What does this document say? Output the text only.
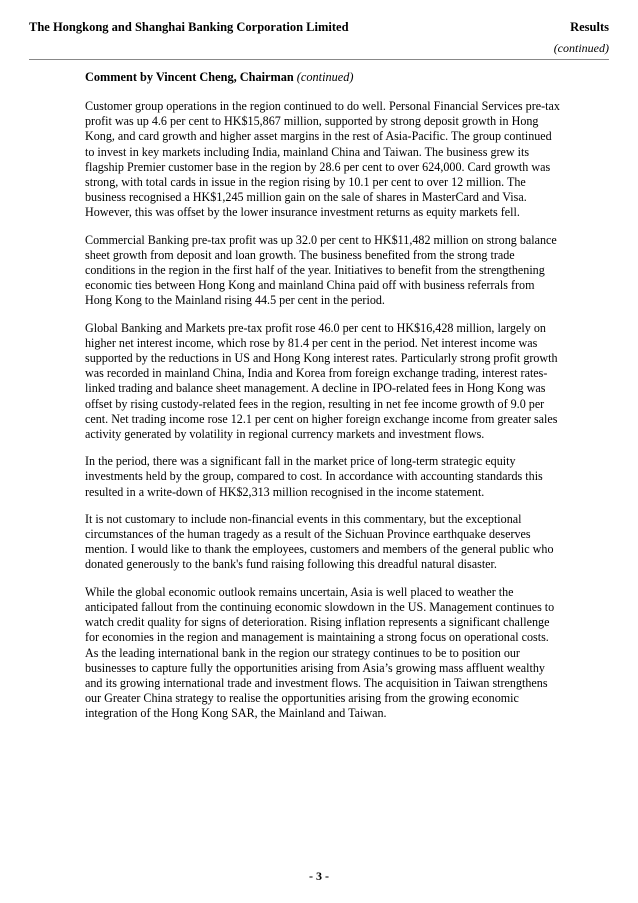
The Hongkong and Shanghai Banking Corporation Limited	Results
(continued)

Comment by Vincent Cheng, Chairman (continued)

Customer group operations in the region continued to do well. Personal Financial Services pre-tax profit was up 4.6 per cent to HK$15,867 million, supported by strong deposit growth in Hong Kong, and card growth and higher asset margins in the rest of Asia-Pacific. The group continued to invest in key markets including India, mainland China and Taiwan. The business grew its flagship Premier customer base in the region by 28.6 per cent to over 624,000. Card growth was strong, with total cards in issue in the region rising by 10.1 per cent to over 12 million. The business recognised a HK$1,245 million gain on the sale of shares in MasterCard and Visa. However, this was offset by the lower insurance investment returns as equity markets fell.

Commercial Banking pre-tax profit was up 32.0 per cent to HK$11,482 million on strong balance sheet growth from deposit and loan growth. The business benefited from the strong trade conditions in the region in the first half of the year. Initiatives to benefit from the strengthening economic ties between Hong Kong and mainland China paid off with business referrals from Hong Kong to the Mainland rising 44.5 per cent in the period.

Global Banking and Markets pre-tax profit rose 46.0 per cent to HK$16,428 million, largely on higher net interest income, which rose by 81.4 per cent in the period. Net interest income was supported by the reductions in US and Hong Kong interest rates. Particularly strong profit growth was recorded in mainland China, India and Korea from foreign exchange trading, interest rates-linked trading and balance sheet management. A decline in IPO-related fees in Hong Kong was offset by rising custody-related fees in the region, resulting in net fee income growth of 9.0 per cent. Net trading income rose 12.1 per cent on higher foreign exchange income from greater sales activity generated by volatility in regional currency markets and investment flows.

In the period, there was a significant fall in the market price of long-term strategic equity investments held by the group, compared to cost. In accordance with accounting standards this resulted in a write-down of HK$2,313 million recognised in the income statement.

It is not customary to include non-financial events in this commentary, but the exceptional circumstances of the human tragedy as a result of the Sichuan Province earthquake deserves mention. I would like to thank the employees, customers and members of the general public who donated generously to the bank's fund raising following this dreadful natural disaster.

While the global economic outlook remains uncertain, Asia is well placed to weather the anticipated fallout from the continuing economic slowdown in the US. Management continues to watch credit quality for signs of deterioration. Rising inflation represents a significant challenge for economies in the region and management is maintaining a strong focus on operational costs. As the leading international bank in the region our strategy continues to be to position our businesses to capture fully the opportunities arising from Asia’s growing mass affluent wealthy and its growing international trade and investment flows. The acquisition in Taiwan strengthens our Greater China strategy to realise the opportunities arising from the growing economic integration of the Hong Kong SAR, the Mainland and Taiwan.

- 3 -
